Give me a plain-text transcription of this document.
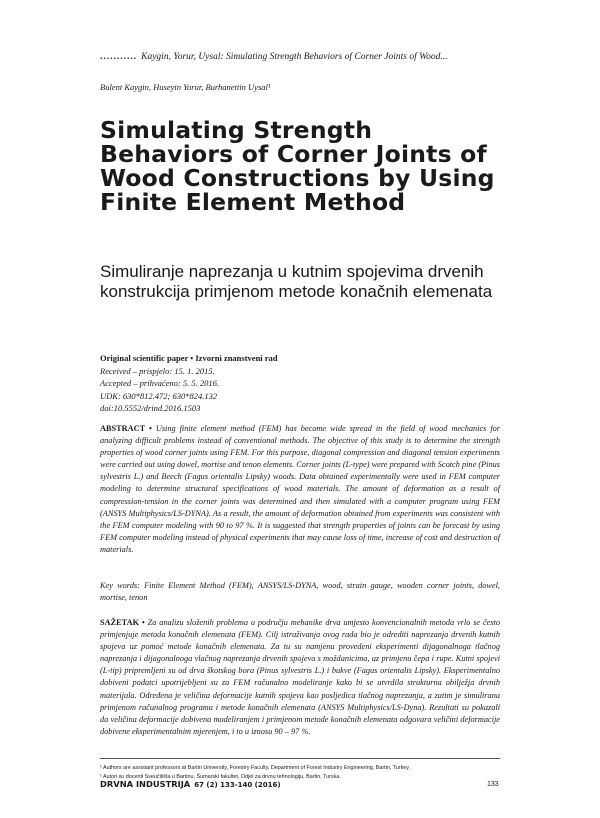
........... Kaygin, Yorur, Uysal: Simulating Strength Behaviors of Corner Joints of Wood...
Bulent Kaygin, Huseyin Yorur, Burhanettin Uysal¹
Simulating Strength Behaviors of Corner Joints of Wood Constructions by Using Finite Element Method
Simuliranje naprezanja u kutnim spojevima drvenih konstrukcija primjenom metode konačnih elemenata
Original scientific paper • Izvorni znanstveni rad
Received – prispjelo: 15. 1. 2015.
Accepted – prihvaćeno: 5. 5. 2016.
UDK: 630*812.472; 630*824.132
doi:10.5552/drind.2016.1503
ABSTRACT • Using finite element method (FEM) has become wide spread in the field of wood mechanics for analyzing difficult problems instead of conventional methods. The objective of this study is to determine the strength properties of wood corner joints using FEM. For this purpose, diagonal compression and diagonal tension experiments were carried out using dowel, mortise and tenon elements. Corner joints (L-type) were prepared with Scotch pine (Pinus sylvestris L.) and Beech (Fagus orientalis Lipsky) woods. Data obtained experimentally were used in FEM computer modeling to determine structural specifications of wood materials. The amount of deformation as a result of compression-tension in the corner joints was determined and then simulated with a computer program using FEM (ANSYS Multiphysics/LS-DYNA). As a result, the amount of deformation obtained from experiments was consistent with the FEM computer modeling with 90 to 97 %. It is suggested that strength properties of joints can be forecast by using FEM computer modeling instead of physical experiments that may cause loss of time, increase of cost and destruction of materials.
Key words: Finite Element Method (FEM), ANSYS/LS-DYNA, wood, strain gauge, wooden corner joints, dowel, mortise, tenon
SAŽETAK • Za analizu složenih problema u području mehanike drva umjesto konvencionalnih metoda vrlo se često primjenjuje metoda konačnih elemenata (FEM). Cilj istraživanja ovog rada bio je odrediti naprezanja drvenih kutnih spojeva uz pomoć metode konačnih elemenata. Za tu su namjenu provedeni eksperimenti dijagonalnoga tlačnog naprezanja i dijagonalnoga vlačnog naprezanja drvenih spojeva s moždanicima, uz primjenu čepa i rupe. Kutni spojevi (L-tip) pripremljeni su od drva škotskog bora (Pinus sylvestris L.) i bukve (Fagus orientalis Lipsky). Eksperimentalno dobiveni podatci upotrijebljeni su za FEM računalno modeliranje kako bi se utvrdila strukturna obilježja drvnih materijala. Određena je veličina deformacije kutnih spojeva kao posljedica tlačnog naprezanja, a zatim je simulirana primjenom računalnog programa i metode konačnih elemenata (ANSYS Multiphysics/LS-Dyna). Rezultati su pokazali da veličina deformacije dobivena modeliranjem i primjenom metode konačnih elemenata odgovara veličini deformacije dobivene eksperimentalnim mjerenjem, i to u iznosu 90 – 97 %.
¹ Authors are assistant professors at Bartin University, Forestry Faculty, Department of Forest Industry Engineering, Bartin, Turkey.
¹ Autori su docenti Sveučilišta u Bartinu, Šumarski fakultet, Odjel za drvnu tehnologiju, Bartin, Turska.
DRVNA INDUSTRIJA 67 (2) 133-140 (2016)	133
